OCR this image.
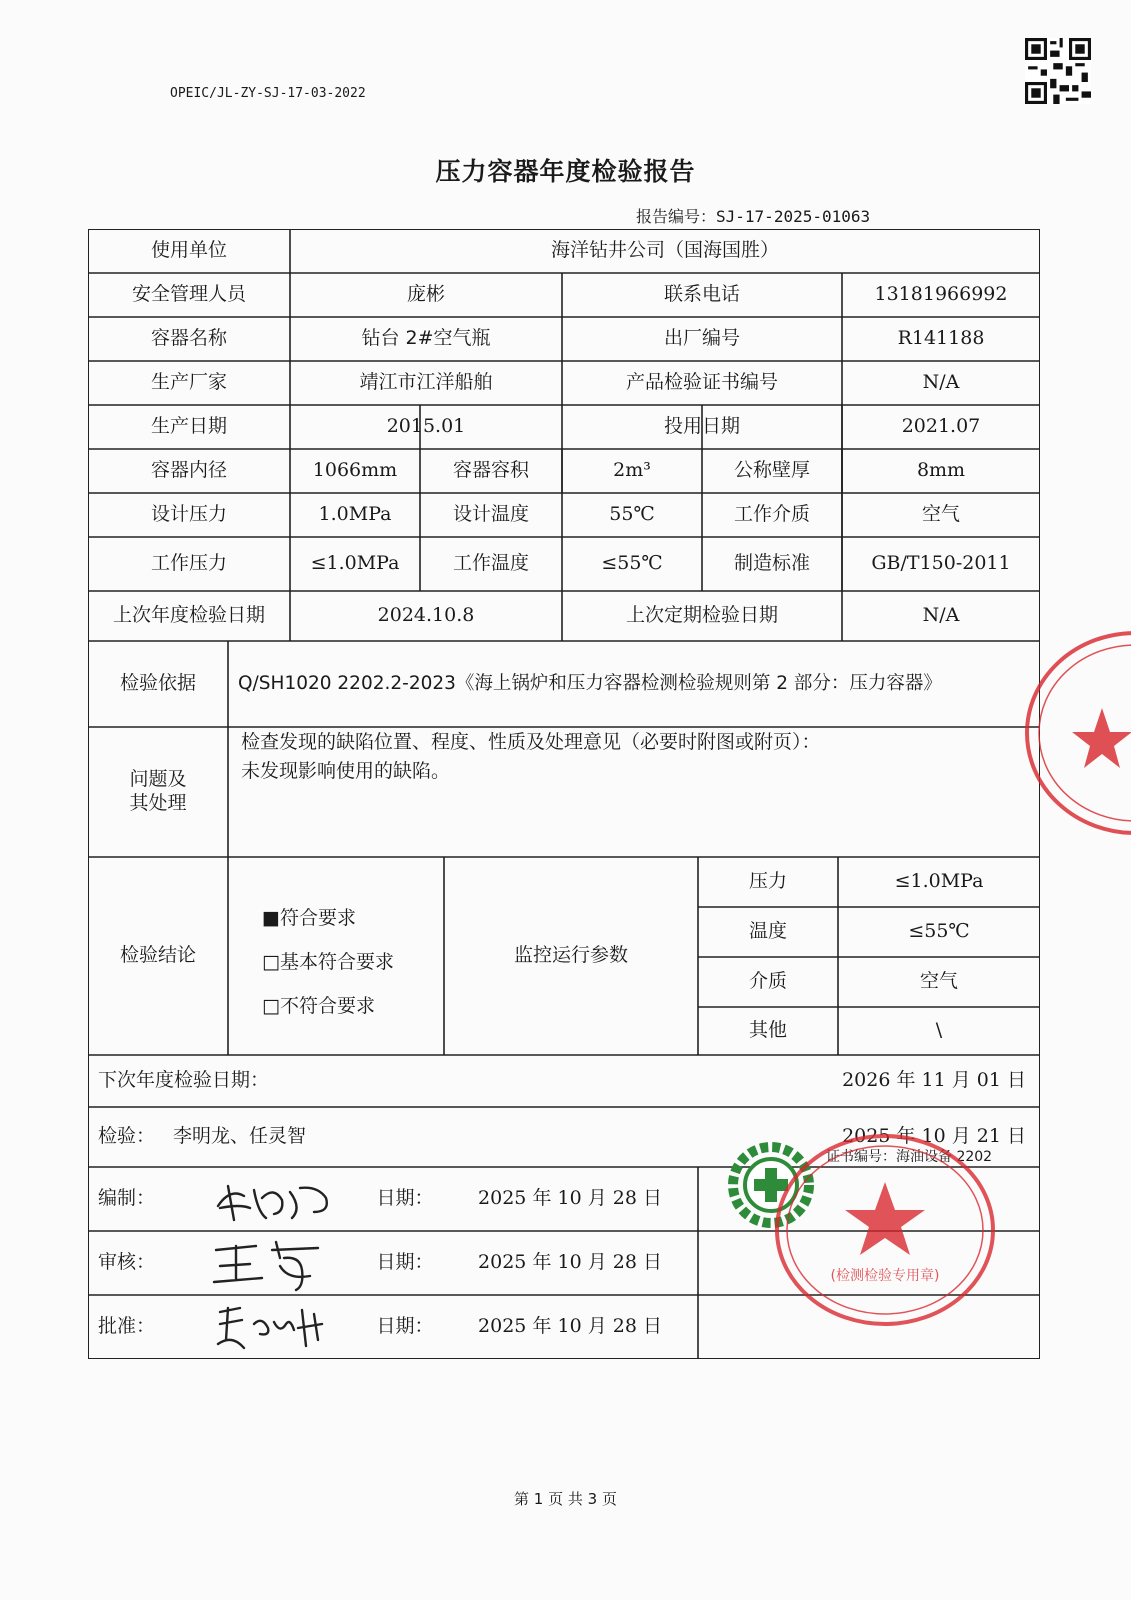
OPEIC/JL-ZY-SJ-17-03-2022
压力容器年度检验报告
报告编号：SJ-17-2025-01063
使用单位	海洋钻井公司（国海国胜）
安全管理人员	庞彬	联系电话	13181966992
容器名称	钻台 2#空气瓶	出厂编号	R141188
生产厂家	靖江市江洋船舶	产品检验证书编号	N/A
生产日期	2015.01	投用日期	2021.07
容器内径	1066mm	容器容积	2m³	公称壁厚	8mm
设计压力	1.0MPa	设计温度	55℃	工作介质	空气
工作压力	≤1.0MPa	工作温度	≤55℃	制造标准	GB/T150-2011
上次年度检验日期	2024.10.8	上次定期检验日期	N/A
检验依据	Q/SH1020 2202.2-2023《海上锅炉和压力容器检测检验规则第 2 部分：压力容器》
问题及
其处理
检查发现的缺陷位置、程度、性质及处理意见（必要时附图或附页）：
未发现影响使用的缺陷。
检验结论
■符合要求
□基本符合要求
□不符合要求
监控运行参数
压力	≤1.0MPa
温度	≤55℃
介质	空气
其他	\
下次年度检验日期：	2026 年 11 月 01 日
检验： 李明龙、任灵智	2025 年 10 月 21 日
编制：	日期：	2025 年 10 月 28 日
审核：	日期：	2025 年 10 月 28 日
批准：	日期：	2025 年 10 月 28 日
证书编号：海油设备 2202
(检测检验专用章)
第 1 页 共 3 页
